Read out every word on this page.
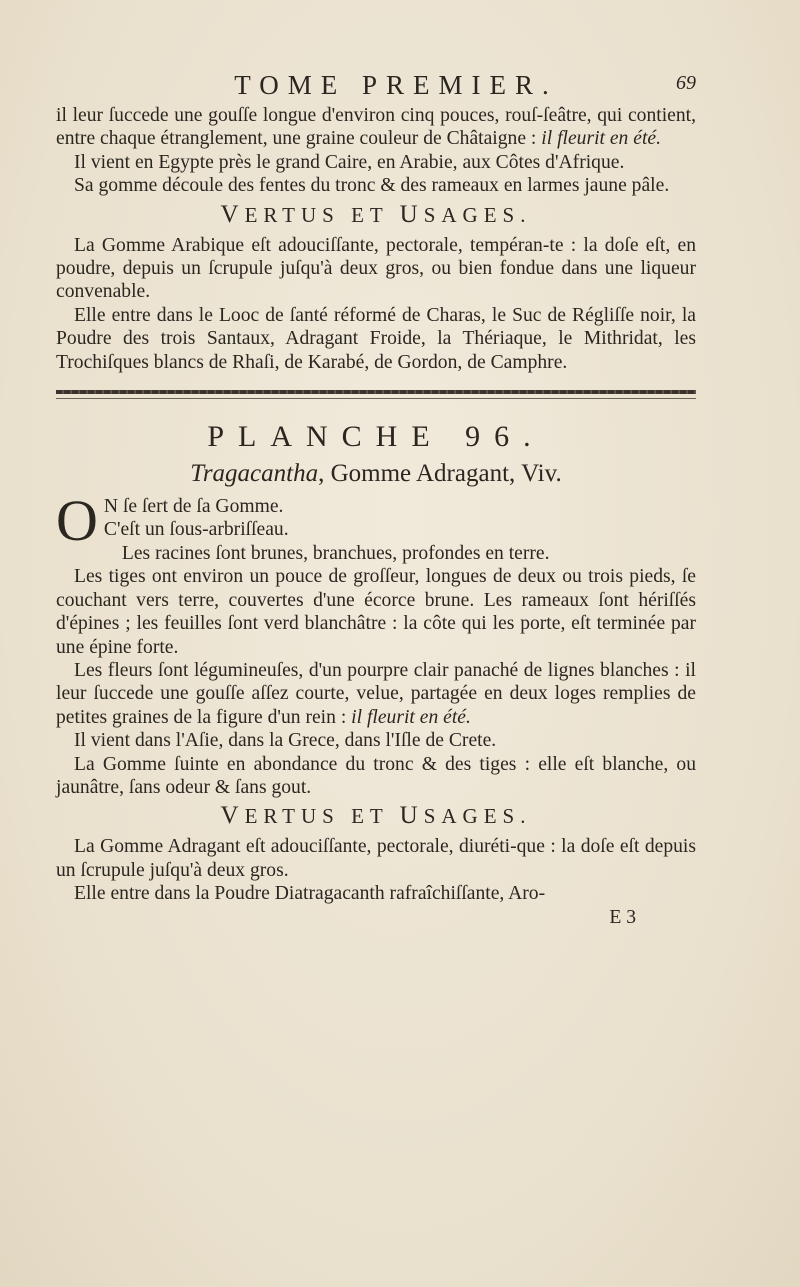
TOME PREMIER.	69

il leur ſuccede une gouſſe longue d'environ cinq pouces, rouſ-ſeâtre, qui contient, entre chaque étranglement, une graine couleur de Châtaigne : il fleurit en été.

Il vient en Egypte près le grand Caire, en Arabie, aux Côtes d'Afrique.

Sa gomme découle des fentes du tronc & des rameaux en larmes jaune pâle.

VERTUS ET USAGES.

La Gomme Arabique eſt adouciſſante, pectorale, tempéran-te : la doſe eſt, en poudre, depuis un ſcrupule juſqu'à deux gros, ou bien fondue dans une liqueur convenable.

Elle entre dans le Looc de ſanté réformé de Charas, le Suc de Régliſſe noir, la Poudre des trois Santaux, Adragant Froide, la Thériaque, le Mithridat, les Trochiſques blancs de Rhaſi, de Karabé, de Gordon, de Camphre.

PLANCHE 96.
Tragacantha, Gomme Adragant, Viv.

O N ſe ſert de ſa Gomme.
C'eſt un ſous-arbriſſeau.

Les racines ſont brunes, branchues, profondes en terre.

Les tiges ont environ un pouce de groſſeur, longues de deux ou trois pieds, ſe couchant vers terre, couvertes d'une écorce brune. Les rameaux ſont hériſſés d'épines ; les feuilles ſont verd blanchâtre : la côte qui les porte, eſt terminée par une épine forte.

Les fleurs ſont légumineuſes, d'un pourpre clair panaché de lignes blanches : il leur ſuccede une gouſſe aſſez courte, velue, partagée en deux loges remplies de petites graines de la figure d'un rein : il fleurit en été.

Il vient dans l'Aſie, dans la Grece, dans l'Iſle de Crete.

La Gomme ſuinte en abondance du tronc & des tiges : elle eſt blanche, ou jaunâtre, ſans odeur & ſans gout.

VERTUS ET USAGES.

La Gomme Adragant eſt adouciſſante, pectorale, diuréti-que : la doſe eſt depuis un ſcrupule juſqu'à deux gros.

Elle entre dans la Poudre Diatragacanth rafraîchiſſante, Aro-

E 3
